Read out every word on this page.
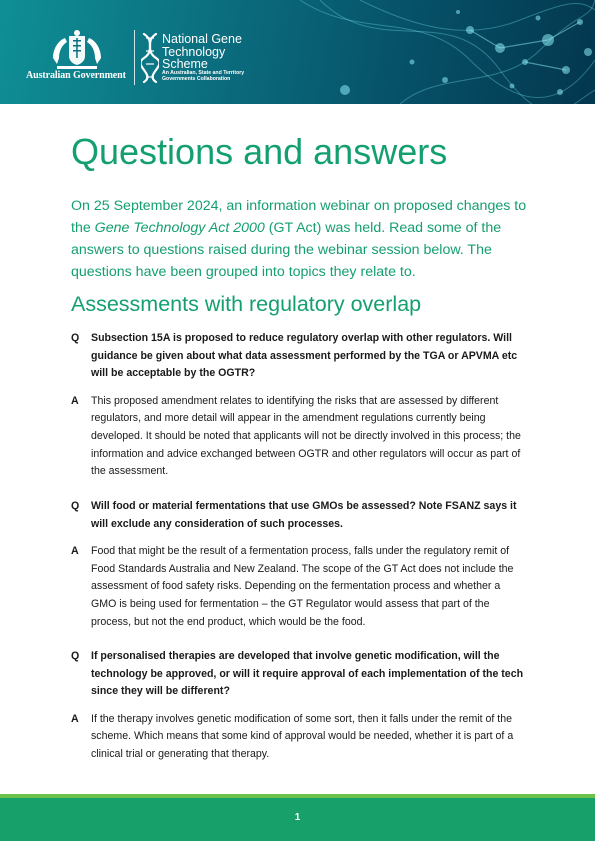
Australian Government
National Gene
Technology
Scheme
An Australian, State and Territory
Governments Collaboration
Questions and answers

On 25 September 2024, an information webinar on proposed changes to the Gene Technology Act 2000 (GT Act) was held. Read some of the answers to questions raised during the webinar session below. The questions have been grouped into topics they relate to.

Assessments with regulatory overlap
Q Subsection 15A is proposed to reduce regulatory overlap with other regulators. Will guidance be given about what data assessment performed by the TGA or APVMA etc will be acceptable by the OGTR?
A This proposed amendment relates to identifying the risks that are assessed by different regulators, and more detail will appear in the amendment regulations currently being developed. It should be noted that applicants will not be directly involved in this process; the information and advice exchanged between OGTR and other regulators will occur as part of the assessment.
Q Will food or material fermentations that use GMOs be assessed? Note FSANZ says it will exclude any consideration of such processes.
A Food that might be the result of a fermentation process, falls under the regulatory remit of Food Standards Australia and New Zealand. The scope of the GT Act does not include the assessment of food safety risks. Depending on the fermentation process and whether a GMO is being used for fermentation – the GT Regulator would assess that part of the process, but not the end product, which would be the food.
Q If personalised therapies are developed that involve genetic modification, will the technology be approved, or will it require approval of each implementation of the tech since they will be different?
A If the therapy involves genetic modification of some sort, then it falls under the remit of the scheme. Which means that some kind of approval would be needed, whether it is part of a clinical trial or generating that therapy.
1
